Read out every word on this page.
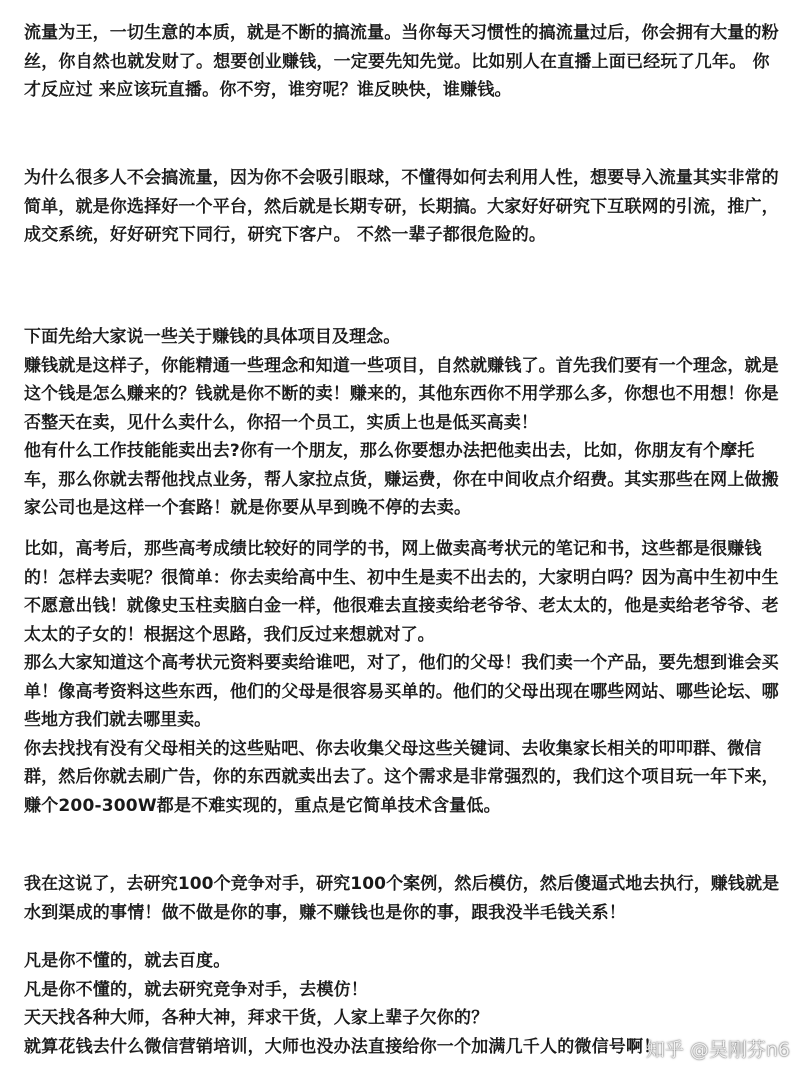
流量为王，一切生意的本质，就是不断的搞流量。当你每天习惯性的搞流量过后，你会拥有大量的粉
丝，你自然也就发财了。想要创业赚钱，一定要先知先觉。比如别人在直播上面已经玩了几年。 你
才反应过 来应该玩直播。你不穷，谁穷呢？谁反映快，谁赚钱。
为什么很多人不会搞流量，因为你不会吸引眼球，不懂得如何去利用人性，想要导入流量其实非常的
简单，就是你选择好一个平台，然后就是长期专研，长期搞。大家好好研究下互联网的引流，推广，
成交系统，好好研究下同行，研究下客户。 不然一辈子都很危险的。
下面先给大家说一些关于赚钱的具体项目及理念。
赚钱就是这样子，你能精通一些理念和知道一些项目，自然就赚钱了。首先我们要有一个理念，就是
这个钱是怎么赚来的？钱就是你不断的卖！赚来的，其他东西你不用学那么多，你想也不用想！你是
否整天在卖，见什么卖什么，你招一个员工，实质上也是低买高卖！
他有什么工作技能能卖出去?你有一个朋友，那么你要想办法把他卖出去，比如，你朋友有个摩托
车，那么你就去帮他找点业务，帮人家拉点货，赚运费，你在中间收点介绍费。其实那些在网上做搬
家公司也是这样一个套路！就是你要从早到晚不停的去卖。
比如，高考后，那些高考成绩比较好的同学的书，网上做卖高考状元的笔记和书，这些都是很赚钱
的！怎样去卖呢？很简单：你去卖给高中生、初中生是卖不出去的，大家明白吗？因为高中生初中生
不愿意出钱！就像史玉柱卖脑白金一样，他很难去直接卖给老爷爷、老太太的，他是卖给老爷爷、老
太太的子女的！根据这个思路，我们反过来想就对了。
那么大家知道这个高考状元资料要卖给谁吧，对了，他们的父母！我们卖一个产品，要先想到谁会买
单！像高考资料这些东西，他们的父母是很容易买单的。他们的父母出现在哪些网站、哪些论坛、哪
些地方我们就去哪里卖。
你去找找有没有父母相关的这些贴吧、你去收集父母这些关键词、去收集家长相关的叩叩群、微信
群，然后你就去刷广告，你的东西就卖出去了。这个需求是非常强烈的，我们这个项目玩一年下来，
赚个200-300W都是不难实现的，重点是它简单技术含量低。
我在这说了，去研究100个竞争对手，研究100个案例，然后模仿，然后傻逼式地去执行，赚钱就是
水到渠成的事情！做不做是你的事，赚不赚钱也是你的事，跟我没半毛钱关系！
凡是你不懂的，就去百度。
凡是你不懂的，就去研究竞争对手，去模仿！
天天找各种大师，各种大神，拜求干货，人家上辈子欠你的？
就算花钱去什么微信营销培训，大师也没办法直接给你一个加满几千人的微信号啊！
知乎 @吴刚芬n6
